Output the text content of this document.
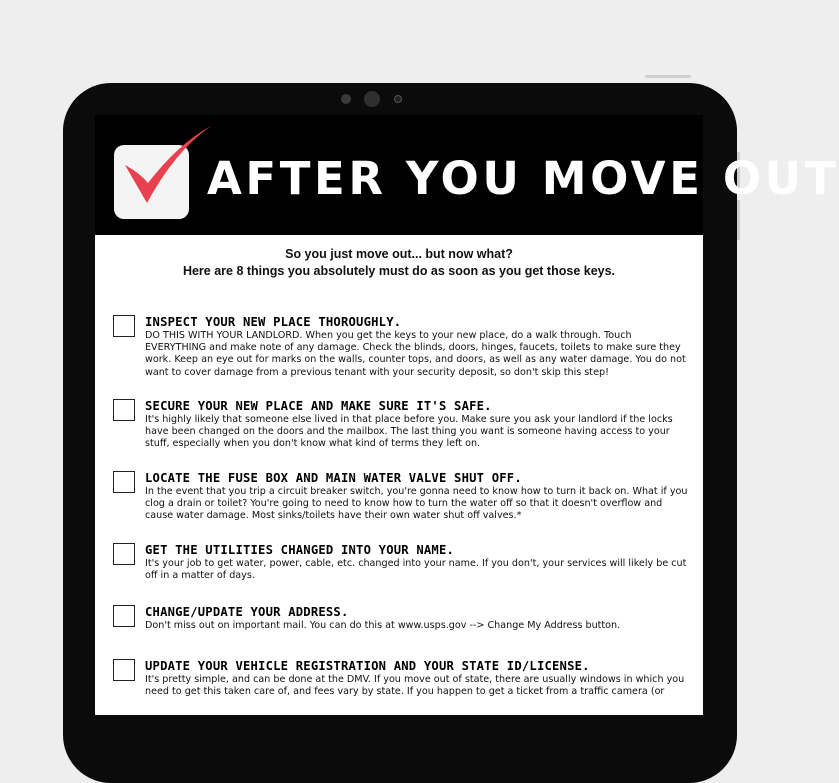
AFTER YOU MOVE OUT
So you just move out... but now what?
Here are 8 things you absolutely must do as soon as you get those keys.

INSPECT YOUR NEW PLACE THOROUGHLY.

DO THIS WITH YOUR LANDLORD. When you get the keys to your new place, do a walk through. Touch
EVERYTHING and make note of any damage. Check the blinds, doors, hinges, faucets, toilets to make sure they
work. Keep an eye out for marks on the walls, counter tops, and doors, as well as any water damage. You do not
want to cover damage from a previous tenant with your security deposit, so don't skip this step!

SECURE YOUR NEW PLACE AND MAKE SURE IT'S SAFE.

It's highly likely that someone else lived in that place before you. Make sure you ask your landlord if the locks
have been changed on the doors and the mailbox. The last thing you want is someone having access to your
stuff, especially when you don't know what kind of terms they left on.

LOCATE THE FUSE BOX AND MAIN WATER VALVE SHUT OFF.

In the event that you trip a circuit breaker switch, you're gonna need to know how to turn it back on. What if you
clog a drain or toilet? You're going to need to know how to turn the water off so that it doesn't overflow and
cause water damage. Most sinks/toilets have their own water shut off valves.*

GET THE UTILITIES CHANGED INTO YOUR NAME.

It's your job to get water, power, cable, etc. changed into your name. If you don't, your services will likely be cut
off in a matter of days.

CHANGE/UPDATE YOUR ADDRESS.

Don't miss out on important mail. You can do this at www.usps.gov --> Change My Address button.

UPDATE YOUR VEHICLE REGISTRATION AND YOUR STATE ID/LICENSE.

It's pretty simple, and can be done at the DMV. If you move out of state, there are usually windows in which you
need to get this taken care of, and fees vary by state. If you happen to get a ticket from a traffic camera (or
